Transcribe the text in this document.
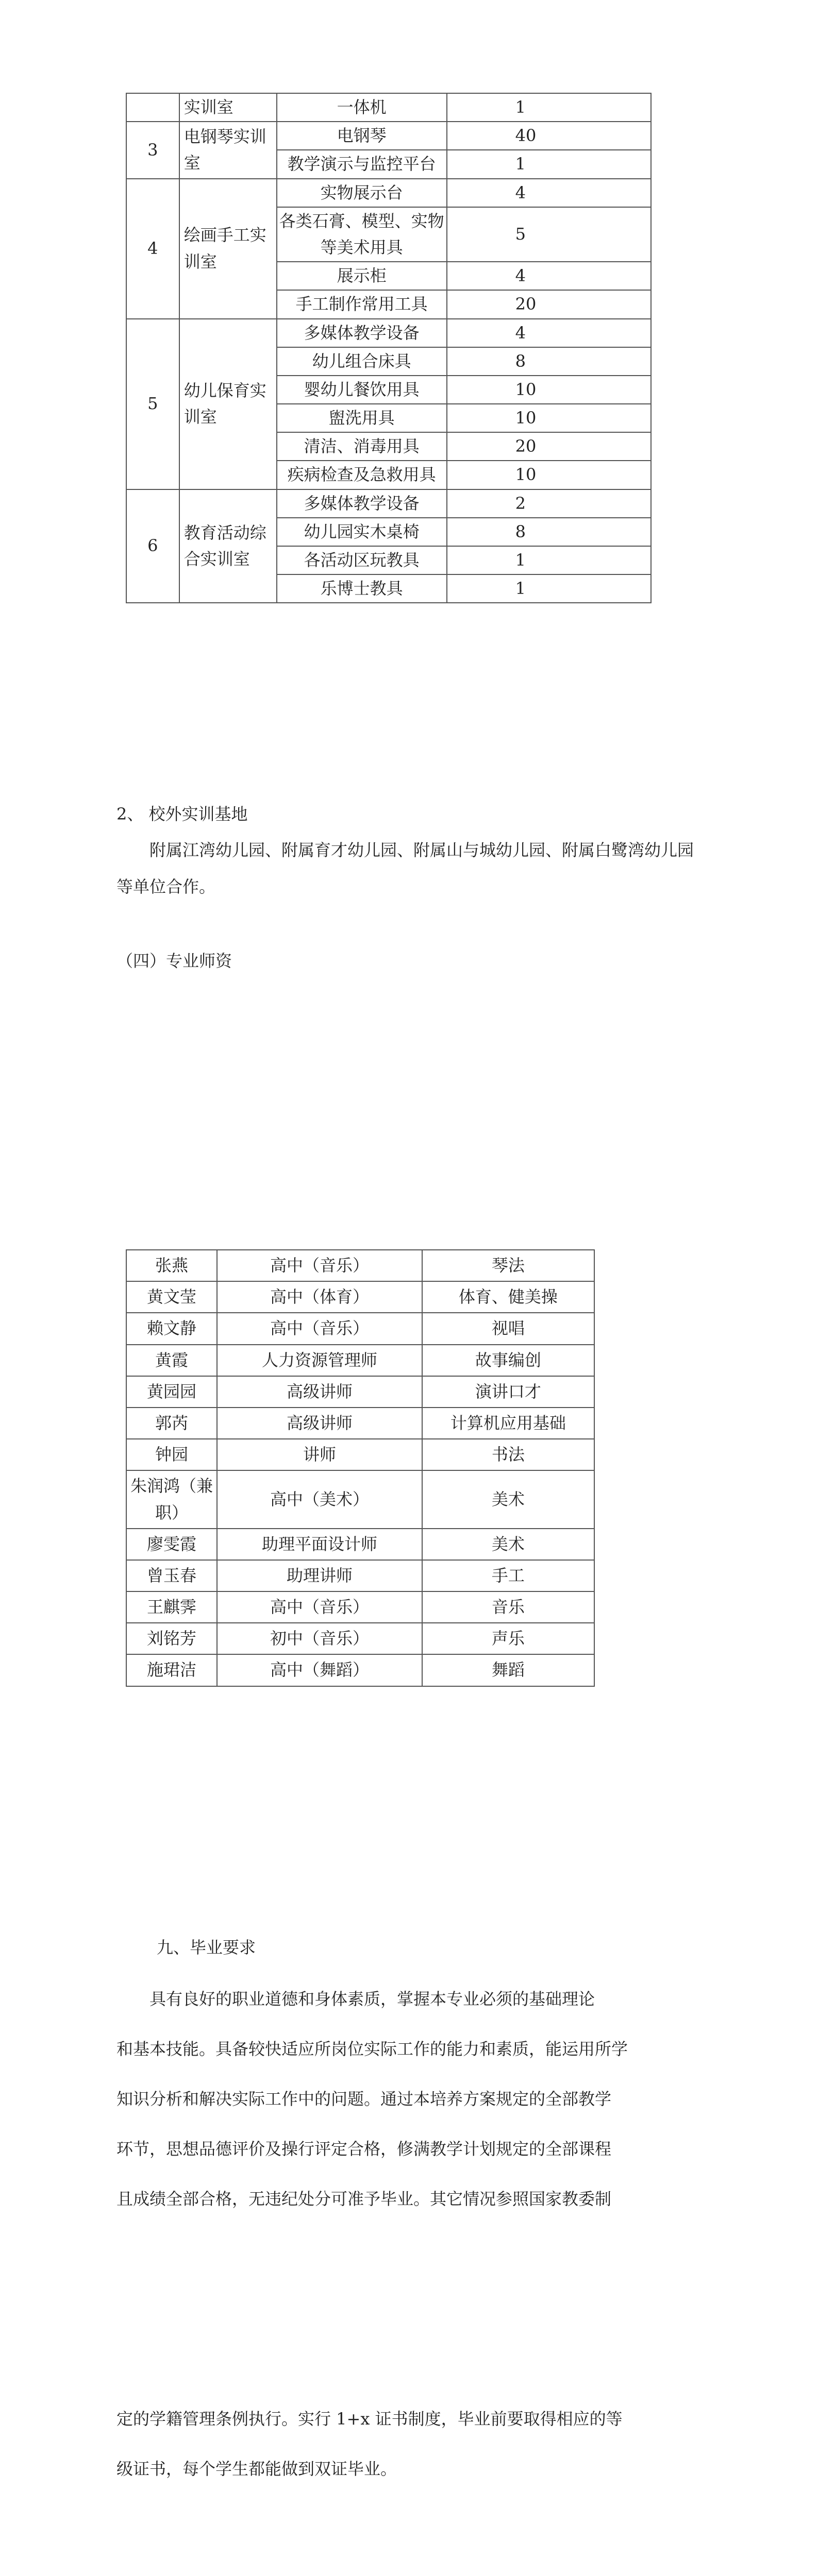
	实训室	一体机	1
3	电钢琴实训室	电钢琴	40
		教学演示与监控平台	1
4	绘画手工实训室	实物展示台	4
		各类石膏、模型、实物等美术用具	5
		展示柜	4
		手工制作常用工具	20
5	幼儿保育实训室	多媒体教学设备	4
		幼儿组合床具	8
		婴幼儿餐饮用具	10
		盥洗用具	10
		清洁、消毒用具	20
		疾病检查及急救用具	10
6	教育活动综合实训室	多媒体教学设备	2
		幼儿园实木桌椅	8
		各活动区玩教具	1
		乐博士教具	1
2、 校外实训基地
附属江湾幼儿园、附属育才幼儿园、附属山与城幼儿园、附属白鹭湾幼儿园等单位合作。
（四）专业师资
张燕	高中（音乐）	琴法
黄文莹	高中（体育）	体育、健美操
赖文静	高中（音乐）	视唱
黄霞	人力资源管理师	故事编创
黄园园	高级讲师	演讲口才
郭芮	高级讲师	计算机应用基础
钟园	讲师	书法
朱润鸿（兼职）	高中（美术）	美术
廖雯霞	助理平面设计师	美术
曾玉春	助理讲师	手工
王麒霁	高中（音乐）	音乐
刘铭芳	初中（音乐）	声乐
施珺洁	高中（舞蹈）	舞蹈
九、毕业要求
具有良好的职业道德和身体素质，掌握本专业必须的基础理论
和基本技能。具备较快适应所岗位实际工作的能力和素质，能运用所学
知识分析和解决实际工作中的问题。通过本培养方案规定的全部教学
环节，思想品德评价及操行评定合格，修满教学计划规定的全部课程
且成绩全部合格，无违纪处分可准予毕业。其它情况参照国家教委制
定的学籍管理条例执行。实行 1+x 证书制度，毕业前要取得相应的等
级证书，每个学生都能做到双证毕业。
